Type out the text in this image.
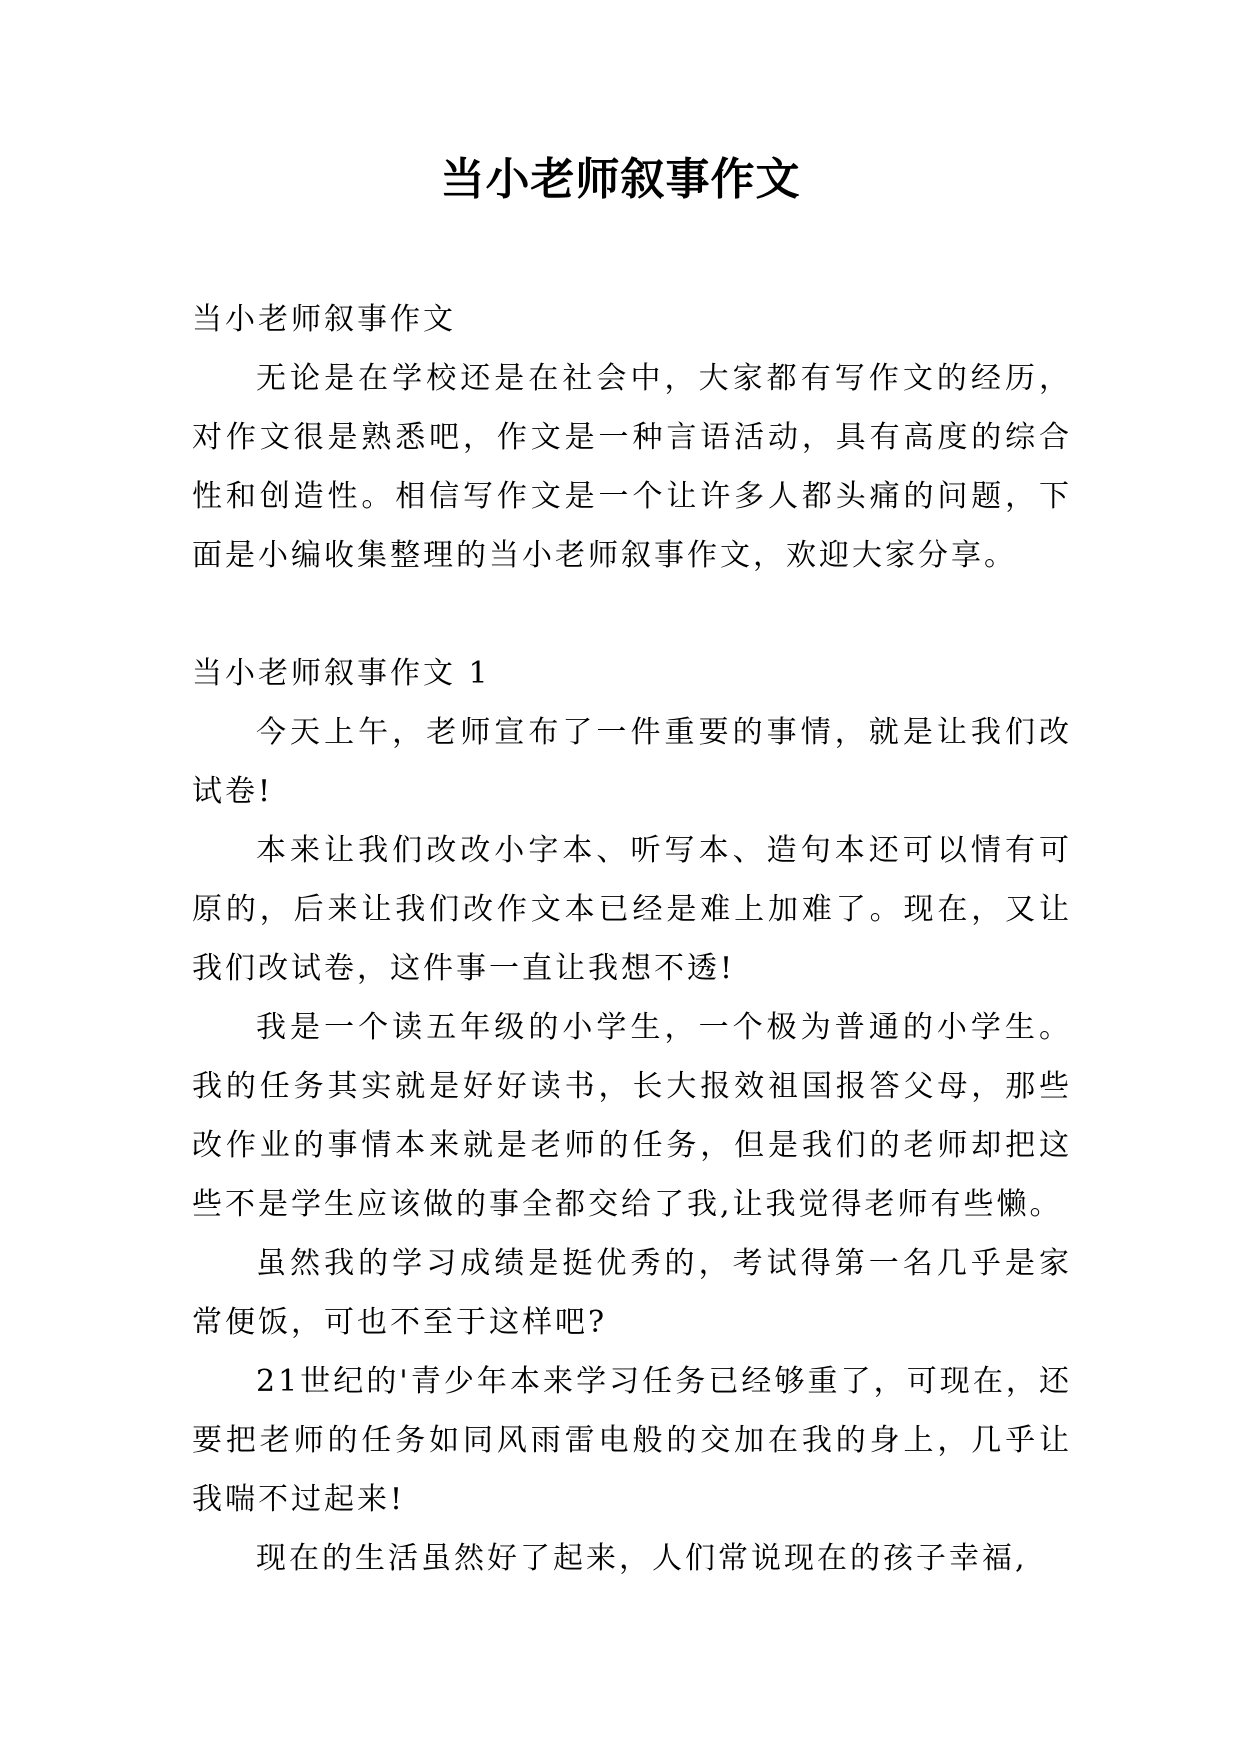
当小老师叙事作文

当小老师叙事作文

无论是在学校还是在社会中，大家都有写作文的经历，对作文很是熟悉吧，作文是一种言语活动，具有高度的综合性和创造性。相信写作文是一个让许多人都头痛的问题，下面是小编收集整理的当小老师叙事作文，欢迎大家分享。

当小老师叙事作文 1

今天上午，老师宣布了一件重要的事情，就是让我们改试卷!

本来让我们改改小字本、听写本、造句本还可以情有可原的，后来让我们改作文本已经是难上加难了。现在，又让我们改试卷，这件事一直让我想不透!

我是一个读五年级的小学生，一个极为普通的小学生。我的任务其实就是好好读书，长大报效祖国报答父母，那些改作业的事情本来就是老师的任务，但是我们的老师却把这些不是学生应该做的事全都交给了我,让我觉得老师有些懒。

虽然我的学习成绩是挺优秀的，考试得第一名几乎是家常便饭，可也不至于这样吧?

21世纪的'青少年本来学习任务已经够重了，可现在，还要把老师的任务如同风雨雷电般的交加在我的身上，几乎让我喘不过起来!

现在的生活虽然好了起来，人们常说现在的孩子幸福,
